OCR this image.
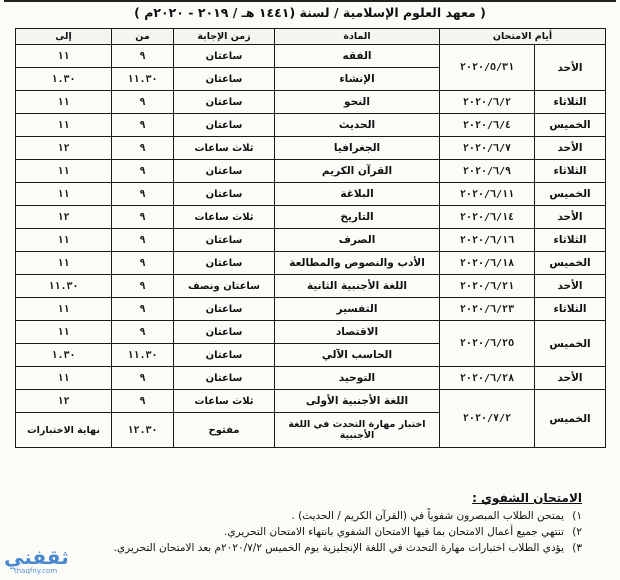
( معهد العلوم الإسلامية / لسنة (١٤٤١ هـ / ٢٠١٩ - ٢٠٢٠م )
أيام الامتحان		المادة	زمن الإجابة	من	إلى
الأحد	٢٠٢٠/٥/٣١	الفقه	ساعتان	٩	١١
		الإنشاء	ساعتان	١١.٣٠	١.٣٠
الثلاثاء	٢٠٢٠/٦/٢	النحو	ساعتان	٩	١١
الخميس	٢٠٢٠/٦/٤	الحديث	ساعتان	٩	١١
الأحد	٢٠٢٠/٦/٧	الجغرافيا	ثلاث ساعات	٩	١٢
الثلاثاء	٢٠٢٠/٦/٩	القرآن الكريم	ساعتان	٩	١١
الخميس	٢٠٢٠/٦/١١	البلاغة	ساعتان	٩	١١
الأحد	٢٠٢٠/٦/١٤	التاريخ	ثلاث ساعات	٩	١٢
الثلاثاء	٢٠٢٠/٦/١٦	الصرف	ساعتان	٩	١١
الخميس	٢٠٢٠/٦/١٨	الأدب والنصوص والمطالعة	ساعتان	٩	١١
الأحد	٢٠٢٠/٦/٢١	اللغة الأجنبية الثانية	ساعتان ونصف	٩	١١.٣٠
الثلاثاء	٢٠٢٠/٦/٢٣	التفسير	ساعتان	٩	١١
الخميس	٢٠٢٠/٦/٢٥	الاقتصاد	ساعتان	٩	١١
		الحاسب الآلي	ساعتان	١١.٣٠	١.٣٠
الأحد	٢٠٢٠/٦/٢٨	التوحيد	ساعتان	٩	١١
الخميس	٢٠٢٠/٧/٢	اللغة الأجنبية الأولى	ثلاث ساعات	٩	١٢
		اختبار مهارة التحدث في اللغة الأجنبية	مفتوح	١٢.٣٠	نهاية الاختبارات
الامتحان الشفوي :
١)
يمتحن الطلاب المبصرون شفوياً في (القرآن الكريم / الحديث) .
٢)
تنتهي جميع أعمال الامتحان بما فيها الامتحان الشفوي بانتهاء الامتحان التحريري.
٣)
يؤدي الطلاب اختبارات مهارة التحدث في اللغة الإنجليزية يوم الخميس ٢٠٢٠/٧/٢م بعد الامتحان التحريري.
ثقفني
thaqfny.com
